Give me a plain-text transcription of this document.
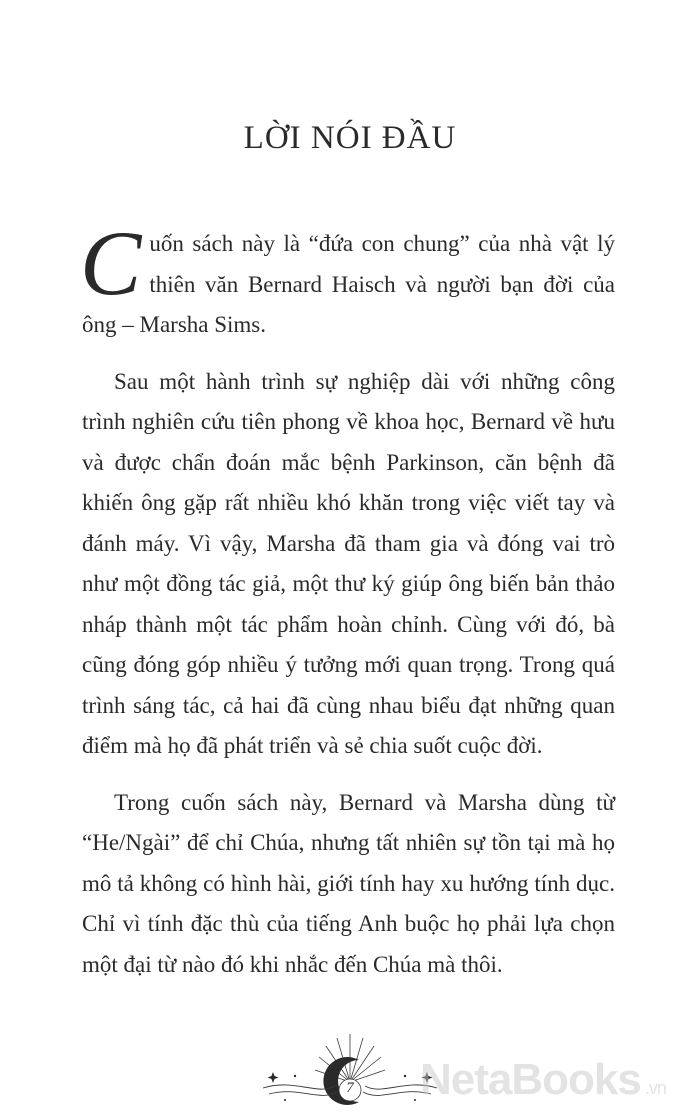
LỜI NÓI ĐẦU

Cuốn sách này là “đứa con chung” của nhà vật lý thiên văn Bernard Haisch và người bạn đời của ông – Marsha Sims.

Sau một hành trình sự nghiệp dài với những công trình nghiên cứu tiên phong về khoa học, Bernard về hưu và được chẩn đoán mắc bệnh Parkinson, căn bệnh đã khiến ông gặp rất nhiều khó khăn trong việc viết tay và đánh máy. Vì vậy, Marsha đã tham gia và đóng vai trò như một đồng tác giả, một thư ký giúp ông biến bản thảo nháp thành một tác phẩm hoàn chỉnh. Cùng với đó, bà cũng đóng góp nhiều ý tưởng mới quan trọng. Trong quá trình sáng tác, cả hai đã cùng nhau biểu đạt những quan điểm mà họ đã phát triển và sẻ chia suốt cuộc đời.

Trong cuốn sách này, Bernard và Marsha dùng từ “He/Ngài” để chỉ Chúa, nhưng tất nhiên sự tồn tại mà họ mô tả không có hình hài, giới tính hay xu hướng tính dục. Chỉ vì tính đặc thù của tiếng Anh buộc họ phải lựa chọn một đại từ nào đó khi nhắc đến Chúa mà thôi.

7 NetaBooks .vn
